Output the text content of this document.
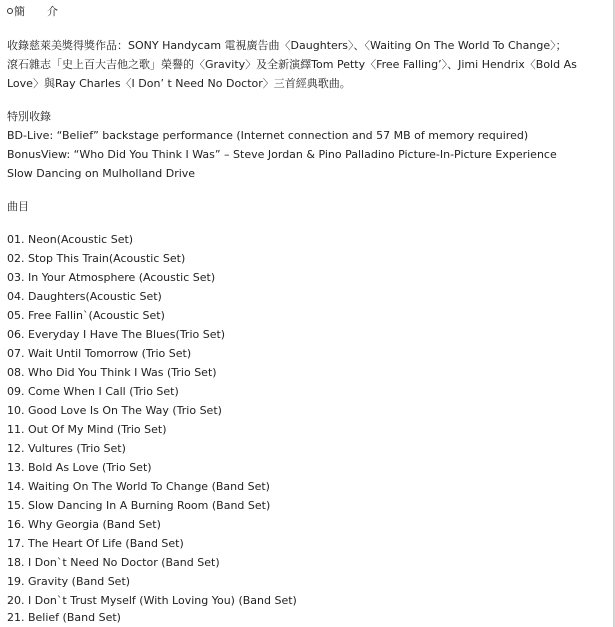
簡 介
收錄慈萊美獎得獎作品：SONY Handycam 電視廣告曲〈Daughters〉、〈Waiting On The World To Change〉；
滾石雜志「史上百大吉他之歌」榮譽的〈Gravity〉及全新演繹Tom Petty〈Free Falling’〉、Jimi Hendrix〈Bold As
Love〉與Ray Charles〈I Don’ t Need No Doctor〉三首經典歌曲。
特別收錄
BD-Live: “Belief” backstage performance (Internet connection and 57 MB of memory required)
BonusView: “Who Did You Think I Was” – Steve Jordan & Pino Palladino Picture-In-Picture Experience
Slow Dancing on Mulholland Drive
曲目
01. Neon(Acoustic Set)
02. Stop This Train(Acoustic Set)
03. In Your Atmosphere (Acoustic Set)
04. Daughters(Acoustic Set)
05. Free Fallin`(Acoustic Set)
06. Everyday I Have The Blues(Trio Set)
07. Wait Until Tomorrow (Trio Set)
08. Who Did You Think I Was (Trio Set)
09. Come When I Call (Trio Set)
10. Good Love Is On The Way (Trio Set)
11. Out Of My Mind (Trio Set)
12. Vultures (Trio Set)
13. Bold As Love (Trio Set)
14. Waiting On The World To Change (Band Set)
15. Slow Dancing In A Burning Room (Band Set)
16. Why Georgia (Band Set)
17. The Heart Of Life (Band Set)
18. I Don`t Need No Doctor (Band Set)
19. Gravity (Band Set)
20. I Don`t Trust Myself (With Loving You) (Band Set)
21. Belief (Band Set)
